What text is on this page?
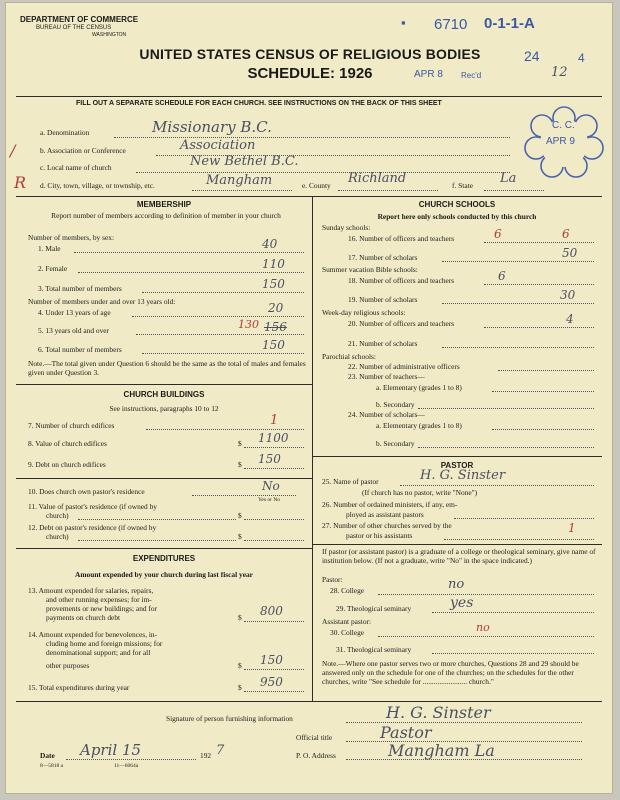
DEPARTMENT OF COMMERCE
BUREAU OF THE CENSUS
WASHINGTON
6710 0-1-1-A
▪
UNITED STATES CENSUS OF RELIGIOUS BODIES
SCHEDULE: 1926
24	4
APR 8 Rec'd	12
FILL OUT A SEPARATE SCHEDULE FOR EACH CHURCH. SEE INSTRUCTIONS ON THE BACK OF THIS SHEET
C. C.
APR 9
/
R
a. Denomination	Missionary B.C.
b. Association or Conference	Association
c. Local name of church	New Bethel B.C.
d. City, town, village, or township, etc.	Mangham	e. County Richland	f. State La
MEMBERSHIP
Report number of members according to definition of member in your church
Number of members, by sex:
1. Male	40
2. Female	110
3. Total number of members	150
Number of members under and over 13 years old:
4. Under 13 years of age	20
5. 13 years old and over	130 156
6. Total number of members	150
Note.—The total given under Question 6 should be the same as the total of males and females given under Question 3.
CHURCH BUILDINGS
See instructions, paragraphs 10 to 12
7. Number of church edifices	1
8. Value of church edifices	$ 1100
9. Debt on church edifices	$ 150
10. Does church own pastor's residence	No
Yes or No
11. Value of pastor's residence (if owned by
church)	$
12. Debt on pastor's residence (if owned by
church)	$
EXPENDITURES
Amount expended by your church during last fiscal year
13. Amount expended for salaries, repairs,
and other running expenses; for im-
provements or new buildings; and for
payments on church debt	$ 800
14. Amount expended for benevolences, in-
cluding home and foreign missions; for
denominational support; and for all
other purposes	$ 150
15. Total expenditures during year	$ 950
CHURCH SCHOOLS
Report here only schools conducted by this church
Sunday schools:
16. Number of officers and teachers	6	6
17. Number of scholars	50
Summer vacation Bible schools:
18. Number of officers and teachers	6
19. Number of scholars	30
Week-day religious schools:
20. Number of officers and teachers	4
21. Number of scholars
Parochial schools:
22. Number of administrative officers
23. Number of teachers—
a. Elementary (grades 1 to 8)
b. Secondary
24. Number of scholars—
a. Elementary (grades 1 to 8)
b. Secondary
PASTOR
25. Name of pastor	H. G. Sinster
(If church has no pastor, write "None")
26. Number of ordained ministers, if any, em-
ployed as assistant pastors
27. Number of other churches served by the
pastor or his assistants
1
If pastor (or assistant pastor) is a graduate of a college or theological seminary, give name of institution below. (If not a graduate, write "No" in the space indicated.)
Pastor:
28. College	no
29. Theological seminary	yes
Assistant pastor:
30. College	no
31. Theological seminary
Note.—Where one pastor serves two or more churches, Questions 28 and 29 should be answered only on the schedule for one of the churches; on the schedules for the other churches, write "See schedule for ........................ church."
Signature of person furnishing information	H. G. Sinster
Official title	Pastor
Date April 15	192 7	P. O. Address	Mangham La
8—5818 a	11—6064a
